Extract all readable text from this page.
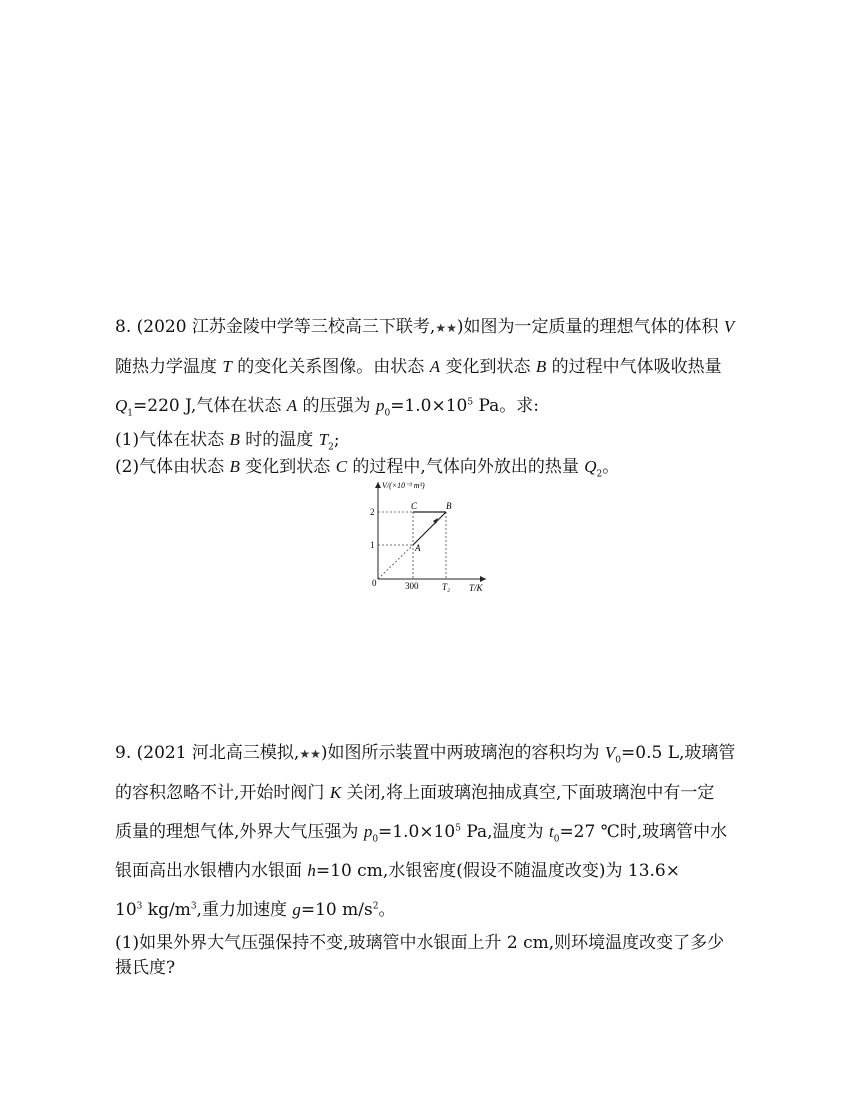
8. (2020 江苏金陵中学等三校高三下联考,★★)如图为一定质量的理想气体的体积 V
随热力学温度 T 的变化关系图像。由状态 A 变化到状态 B 的过程中气体吸收热量
$Q_1=220$ J,气体在状态 A 的压强为 $p_0=1.0\times 10^5$ Pa。求:
(1)气体在状态 B 时的温度 $T_2$;
(2)气体由状态 B 变化到状态 C 的过程中,气体向外放出的热量 $Q_2$。
V/(×10⁻³ m³)
T/K
0
2
1
300	T₂
A
B
C
9. (2021 河北高三模拟,★★)如图所示装置中两玻璃泡的容积均为 $V_0=0.5$ L,玻璃管
的容积忽略不计,开始时阀门 K 关闭,将上面玻璃泡抽成真空,下面玻璃泡中有一定
质量的理想气体,外界大气压强为 $p_0=1.0\times 10^5$ Pa,温度为 $t_0=27$ ℃时,玻璃管中水
银面高出水银槽内水银面 h=10 cm,水银密度(假设不随温度改变)为 13.6×
$10^3$ $kg/m^3$,重力加速度 g=10 $m/s^2$。
(1)如果外界大气压强保持不变,玻璃管中水银面上升 2 cm,则环境温度改变了多少
摄氏度?
